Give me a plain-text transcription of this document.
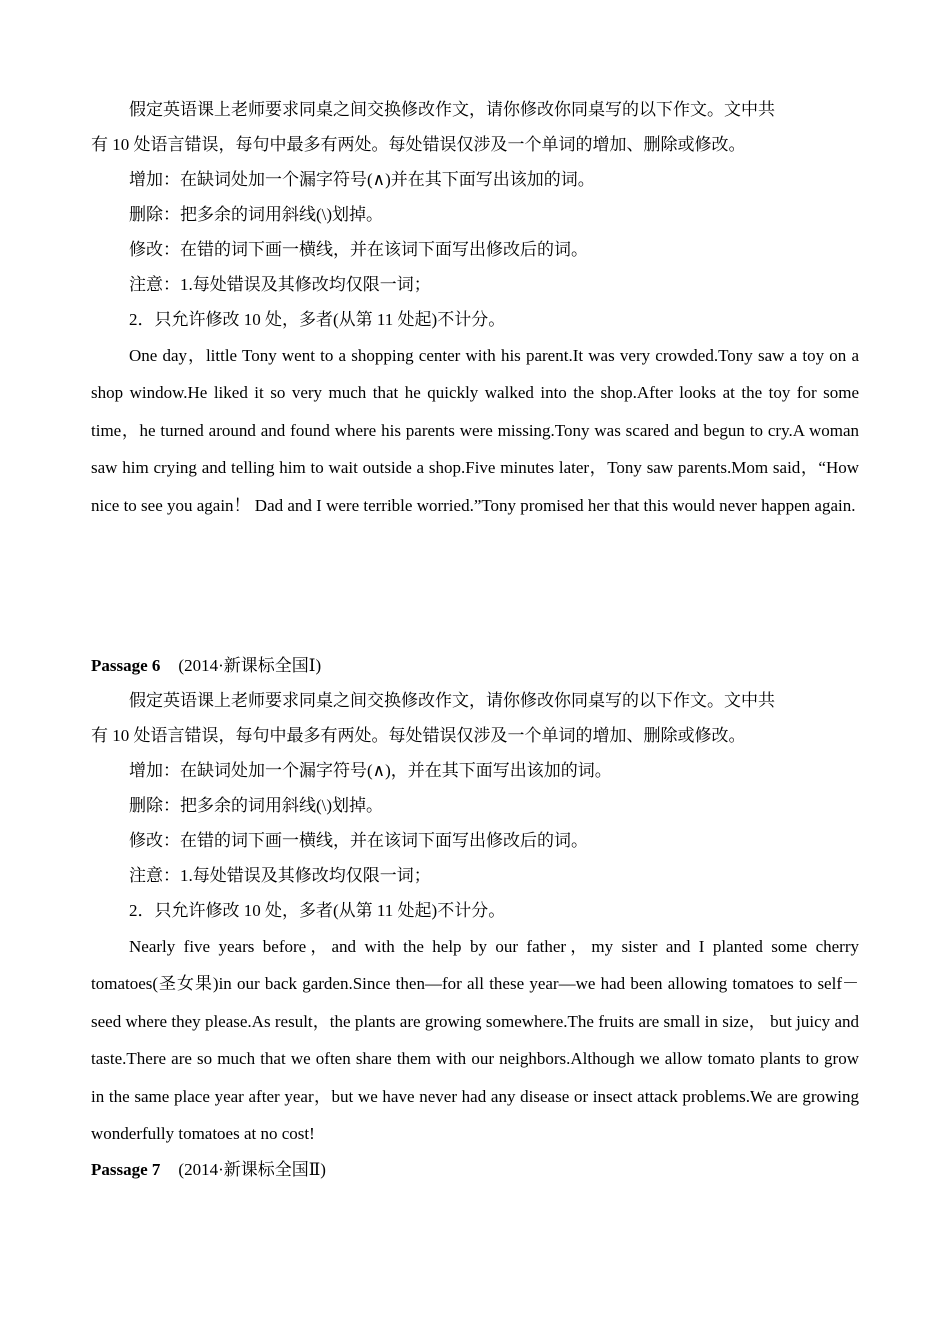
假定英语课上老师要求同桌之间交换修改作文，请你修改你同桌写的以下作文。文中共

有 10 处语言错误，每句中最多有两处。每处错误仅涉及一个单词的增加、删除或修改。

增加：在缺词处加一个漏字符号(∧)并在其下面写出该加的词。

删除：把多余的词用斜线(\)划掉。

修改：在错的词下画一横线，并在该词下面写出修改后的词。

注意：1.每处错误及其修改均仅限一词；

2．只允许修改 10 处，多者(从第 11 处起)不计分。

One day，little Tony went to a shopping center with his parent.It was very crowded.Tony saw a toy on a shop window.He liked it so very much that he quickly walked into the shop.After looks at the toy for some time，he turned around and found where his parents were missing.Tony was scared and begun to cry.A woman saw him crying and telling him to wait outside a shop.Five minutes later，Tony saw parents.Mom said，“How nice to see you again！ Dad and I were terrible worried.”Tony promised her that this would never happen again.

Passage 6 (2014·新课标全国Ⅰ)

假定英语课上老师要求同桌之间交换修改作文，请你修改你同桌写的以下作文。文中共

有 10 处语言错误，每句中最多有两处。每处错误仅涉及一个单词的增加、删除或修改。

增加：在缺词处加一个漏字符号(∧)，并在其下面写出该加的词。

删除：把多余的词用斜线(\)划掉。

修改：在错的词下画一横线，并在该词下面写出修改后的词。

注意：1.每处错误及其修改均仅限一词；

2．只允许修改 10 处，多者(从第 11 处起)不计分。

Nearly five years before，and with the help by our father，my sister and I planted some cherry tomatoes(圣女果)in our back garden.Since then—for all these year—we had been allowing tomatoes to self－seed where they please.As result，the plants are growing somewhere.The fruits are small in size， but juicy and taste.There are so much that we often share them with our neighbors.Although we allow tomato plants to grow in the same place year after year，but we have never had any disease or insect attack problems.We are growing wonderfully tomatoes at no cost!

Passage 7 (2014·新课标全国Ⅱ)
